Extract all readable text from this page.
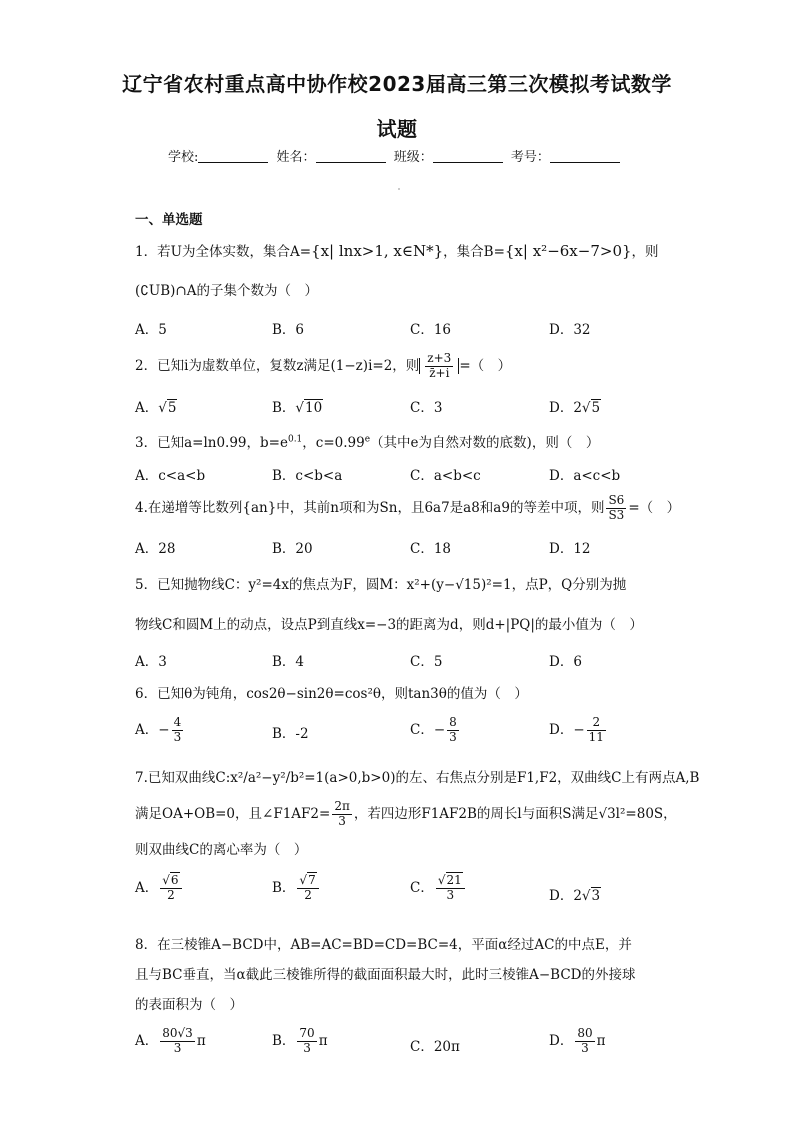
辽宁省农村重点高中协作校2023届高三第三次模拟考试数学
试题
学校:	姓名：	班级：	考号：
一、单选题
1．若U为全体实数，集合A={x| lnx>1, x∈N*}，集合B={x| x²−6x−7>0}，则
(∁UB)∩A的子集个数为（　）
A．5	B．6	C．16	D．32
2．已知i为虚数单位，复数z满足(1−z)i=2，则 $\frac{z+3}{z̄+i}$ =（　）
A．√5	B．√10	C．3	D．2√5
3．已知a=ln0.99，$b=e^{0.1}$，c=0.99$^e$（其中e为自然对数的底数)，则（　）
A．c<a<b	B．c<b<a	C．a<b<c	D．a<c<b
4.在递增等比数列{an}中，其前n项和为Sn，且6a7是a8和a9的等差中项，则 $\frac{S6}{S3}$ =（　）
A．28	B．20	C．18	D．12
5．已知抛物线C：y²=4x的焦点为F，圆M：x²+(y−√15)²=1，点P，Q分别为抛
物线C和圆M上的动点，设点P到直线x=−3的距离为d，则d+|PQ|的最小值为（　）
A．3	B．4	C．5	D．6
6．已知θ为钝角，cos2θ−sin2θ=cos²θ，则tan3θ的值为（　）
A．− $\frac{4}{3}$	B．-2	C．− $\frac{8}{3}$	D．− $\frac{2}{11}$
7.已知双曲线C:x²/a²−y²/b²=1(a>0,b>0)的左、右焦点分别是F1,F2，双曲线C上有两点A,B
满足OA+OB=0，且∠F1AF2= $\frac{2\pi}{3}$ ，若四边形F1AF2B的周长l与面积S满足√3l²=80S，
则双曲线C的离心率为（　）
A． $\frac{√6}{2}$	B． $\frac{√7}{2}$	C． $\frac{√21}{3}$	D．2√3
8．在三棱锥A−BCD中，AB=AC=BD=CD=BC=4，平面α经过AC的中点E，并
且与BC垂直，当α截此三棱锥所得的截面面积最大时，此时三棱锥A−BCD的外接球
的表面积为（　）
A． $\frac{80√3}{3}$ π	B． $\frac{70}{3}$ π	C．20π	D． $\frac{80}{3}$ π
